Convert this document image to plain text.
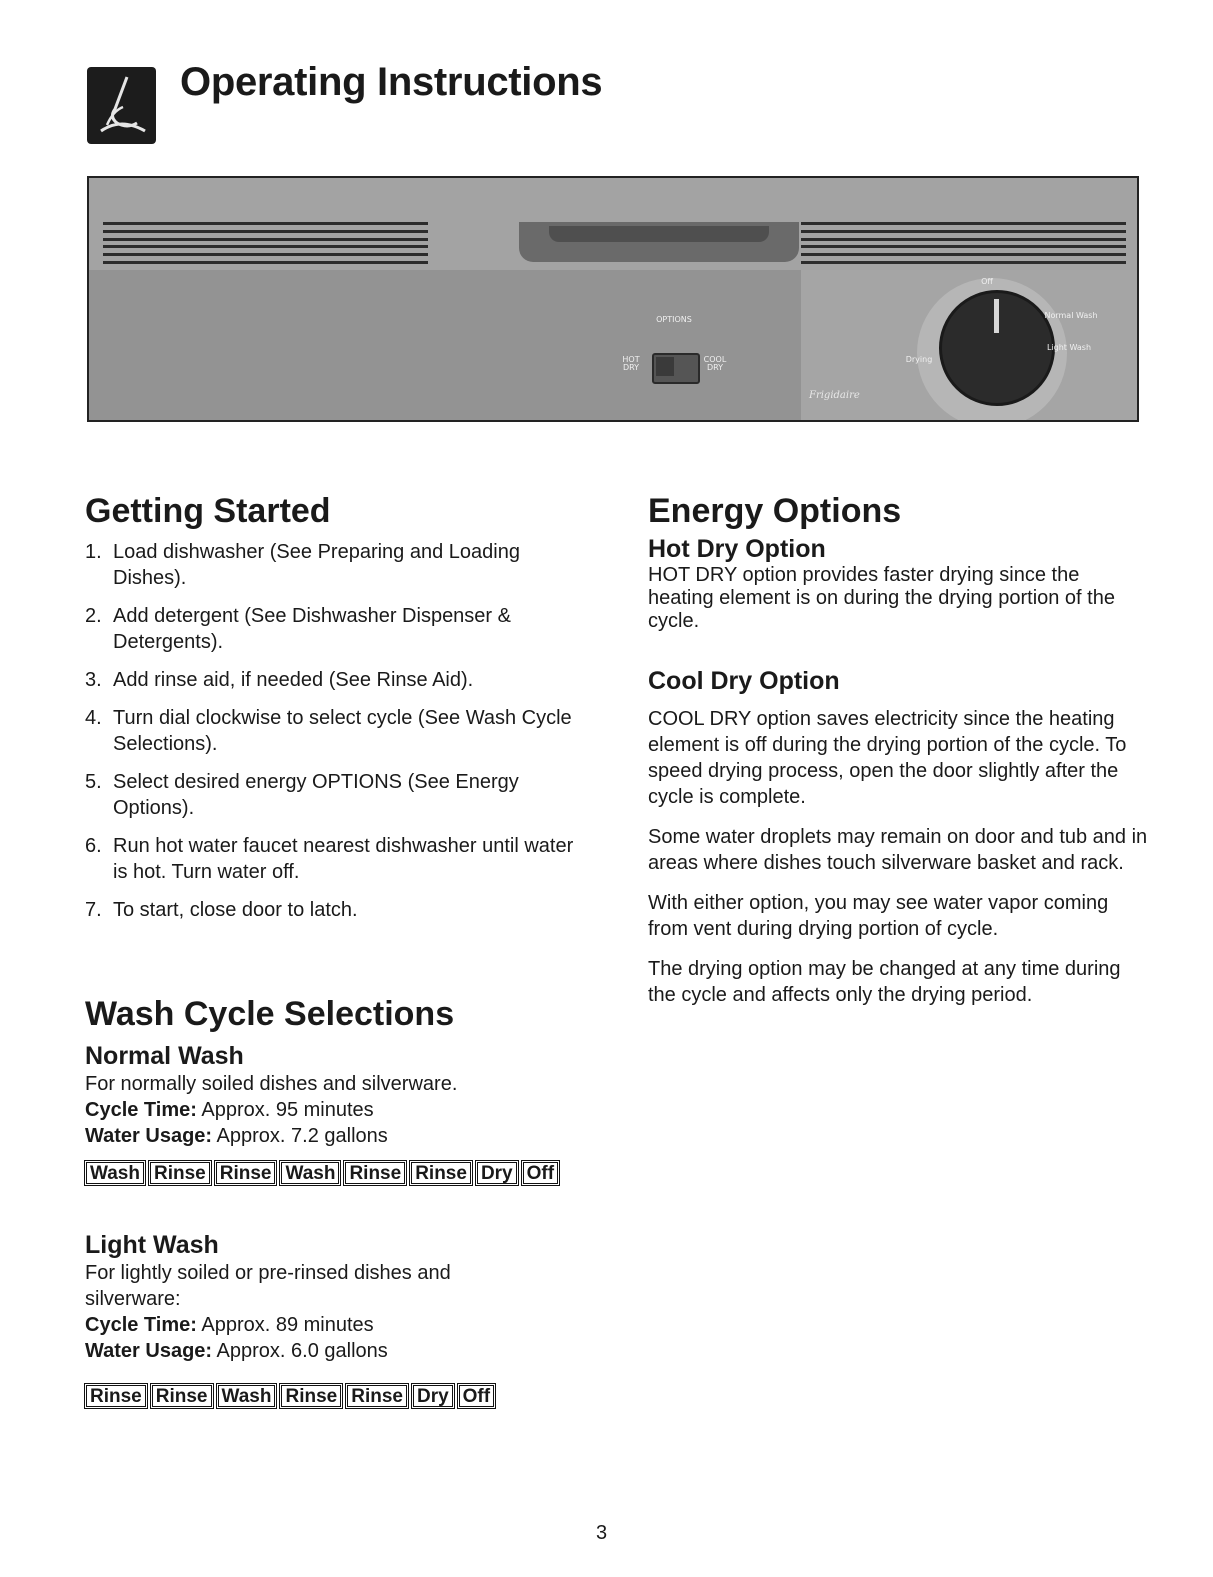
Operating Instructions
OPTIONS
HOT DRY
COOL DRY
Off
Normal Wash
Light Wash
Drying
Frigidaire
Getting Started
1. Load dishwasher (See Preparing and Loading Dishes).
2. Add detergent (See Dishwasher Dispenser & Detergents).
3. Add rinse aid, if needed (See Rinse Aid).
4. Turn dial clockwise to select cycle (See Wash Cycle Selections).
5. Select desired energy OPTIONS (See Energy Options).
6. Run hot water faucet nearest dishwasher until water is hot. Turn water off.
7. To start, close door to latch.
Wash Cycle Selections
Normal Wash
For normally soiled dishes and silverware.
Cycle Time: Approx. 95 minutes
Water Usage: Approx. 7.2 gallons
Wash Rinse Rinse Wash Rinse Rinse Dry Off
Light Wash
For lightly soiled or pre-rinsed dishes and silverware:
Cycle Time: Approx. 89 minutes
Water Usage: Approx. 6.0 gallons
Rinse Rinse Wash Rinse Rinse Dry Off
Energy Options
Hot Dry Option
HOT DRY option provides faster drying since the heating element is on during the drying portion of the cycle.
Cool Dry Option
COOL DRY option saves electricity since the heating element is off during the drying portion of the cycle. To speed drying process, open the door slightly after the cycle is complete.
Some water droplets may remain on door and tub and in areas where dishes touch silverware basket and rack.
With either option, you may see water vapor coming from vent during drying portion of cycle.
The drying option may be changed at any time during the cycle and affects only the drying period.
3
